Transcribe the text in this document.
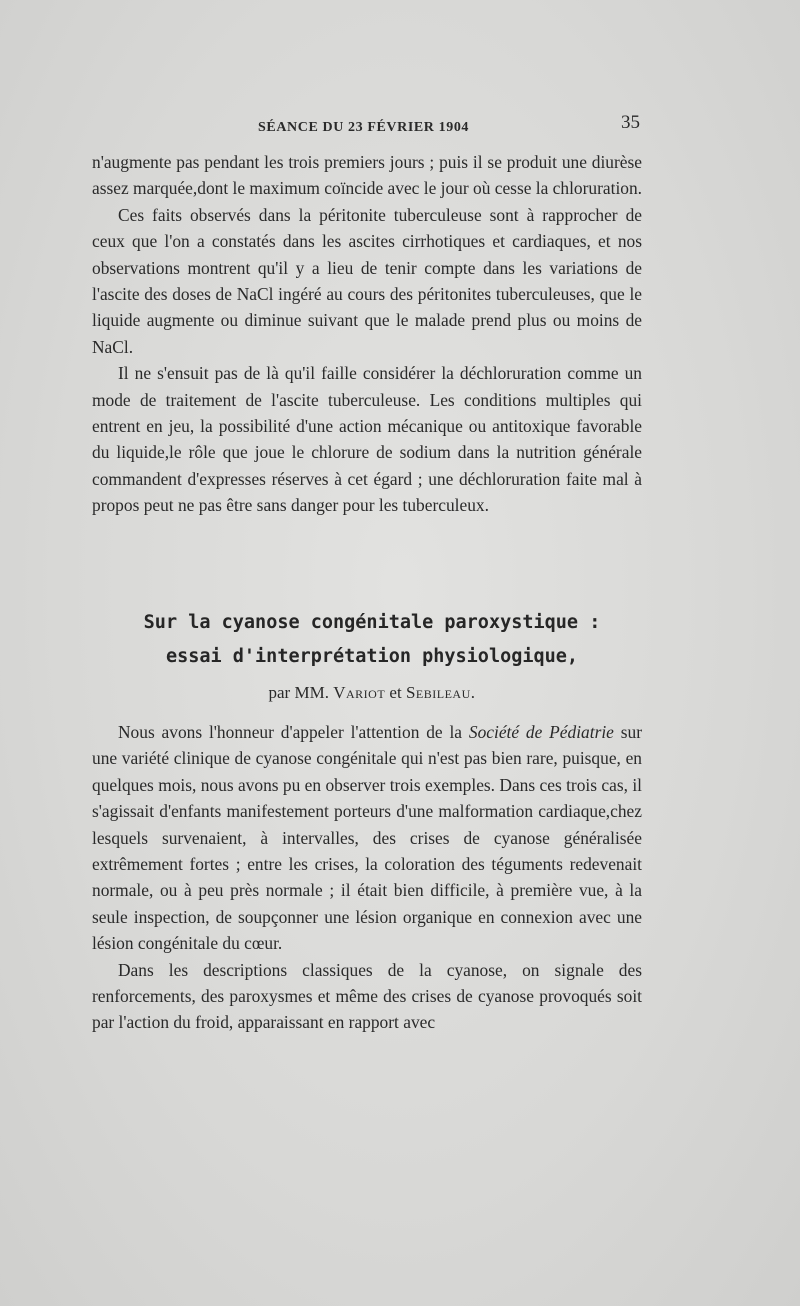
SÉANCE DU 23 FÉVRIER 1904	35

n'augmente pas pendant les trois premiers jours ; puis il se produit une diurèse assez marquée,dont le maximum coïncide avec le jour où cesse la chloruration.

Ces faits observés dans la péritonite tuberculeuse sont à rapprocher de ceux que l'on a constatés dans les ascites cirrhotiques et cardiaques, et nos observations montrent qu'il y a lieu de tenir compte dans les variations de l'ascite des doses de NaCl ingéré au cours des péritonites tuberculeuses, que le liquide augmente ou diminue suivant que le malade prend plus ou moins de NaCl.

Il ne s'ensuit pas de là qu'il faille considérer la déchloruration comme un mode de traitement de l'ascite tuberculeuse. Les conditions multiples qui entrent en jeu, la possibilité d'une action mécanique ou antitoxique favorable du liquide,le rôle que joue le chlorure de sodium dans la nutrition générale commandent d'expresses réserves à cet égard ; une déchloruration faite mal à propos peut ne pas être sans danger pour les tuberculeux.

Sur la cyanose congénitale paroxystique :
essai d'interprétation physiologique,
par MM. Variot et Sebileau.

Nous avons l'honneur d'appeler l'attention de la Société de Pédiatrie sur une variété clinique de cyanose congénitale qui n'est pas bien rare, puisque, en quelques mois, nous avons pu en observer trois exemples. Dans ces trois cas, il s'agissait d'enfants manifestement porteurs d'une malformation cardiaque,chez lesquels survenaient, à intervalles, des crises de cyanose généralisée extrêmement fortes ; entre les crises, la coloration des téguments redevenait normale, ou à peu près normale ; il était bien difficile, à première vue, à la seule inspection, de soupçonner une lésion organique en connexion avec une lésion congénitale du cœur.

Dans les descriptions classiques de la cyanose, on signale des renforcements, des paroxysmes et même des crises de cyanose provoqués soit par l'action du froid, apparaissant en rapport avec
